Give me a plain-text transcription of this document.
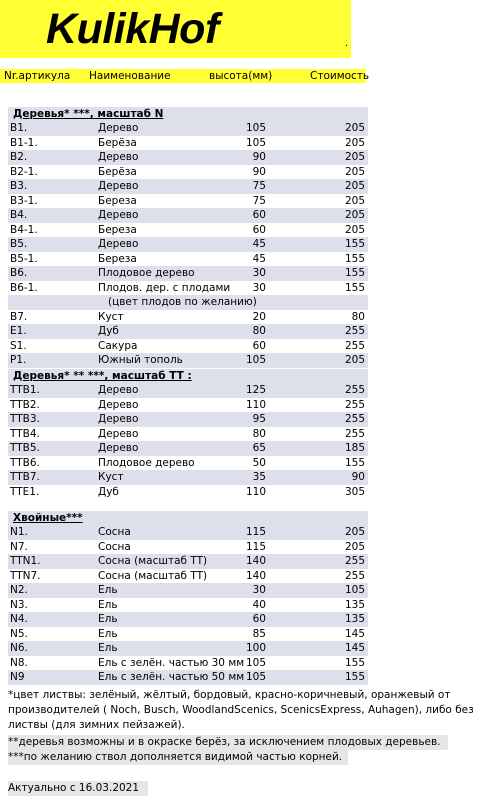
KulikHof	.
Nr.артикула Наименование	высота(мм)	Стоимость
Деревья* ***, масштаб N
B1.	Дерево	105	205
B1-1.	Берёза	105	205
B2.	Дерево	90	205
B2-1.	Берёза	90	205
B3.	Дерево	75	205
B3-1.	Береза	75	205
B4.	Дерево	60	205
B4-1.	Береза	60	205
B5.	Дерево	45	155
B5-1.	Береза	45	155
B6.	Плодовое дерево	30	155
B6-1.	Плодов. дер. с плодами 30	155
(цвет плодов по желанию)
B7.	Куст	20	80
E1.	Дуб	80	255
S1.	Сакура	60	255
P1.	Южный тополь	105	205
Деревья* ** ***, масштаб TT :
TTB1.	Дерево	125	255
TTB2.	Дерево	110	255
TTB3.	Дерево	95	255
TTB4.	Дерево	80	255
TTB5.	Дерево	65	185
TTB6.	Плодовое дерево	50	155
TTB7.	Куст	35	90
TTE1.	Дуб	110	305
Хвойные***
N1.	Сосна	115	205
N7.	Сосна	115	205
TTN1.	Сосна (масштаб TT)	140	255
TTN7.	Сосна (масштаб TT)	140	255
N2.	Ель	30	105
N3.	Ель	40	135
N4.	Ель	60	135
N5.	Ель	85	145
N6.	Ель	100	145
N8.	Ель с зелён. частью 30 мм 105	155
N9	Ель с зелён. частью 50 мм 105	155
*цвет листвы: зелёный, жёлтый, бордовый, красно-коричневый, оранжевый от производителей ( Noch, Busch, WoodlandScenics, ScenicsExpress, Auhagen), либо без листвы (для зимних пейзажей).
**деревья возможны и в окраске берёз, за исключением плодовых деревьев.
***по желанию ствол дополняется видимой частью корней.
Актуально с 16.03.2021
